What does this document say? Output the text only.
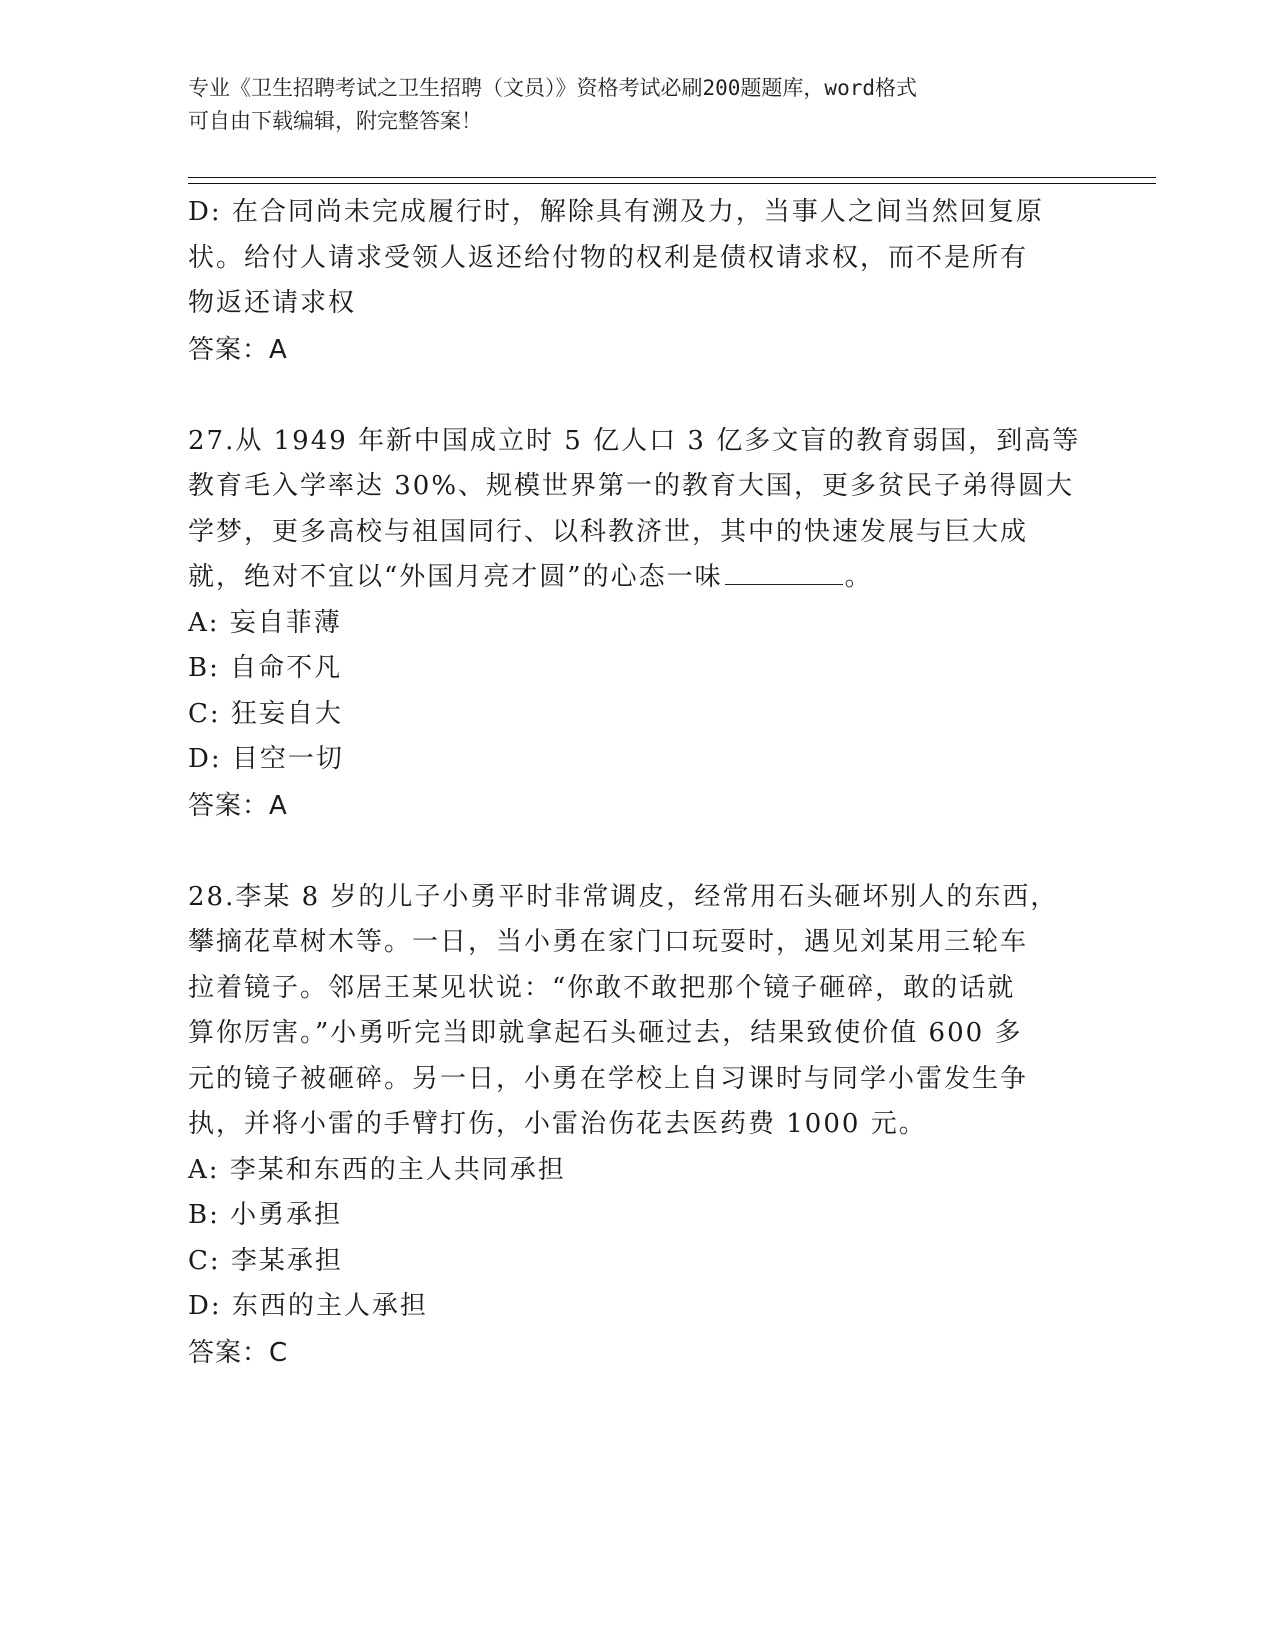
专业《卫生招聘考试之卫生招聘（文员）》资格考试必刷200题题库，word格式
可自由下载编辑，附完整答案！
D: 在合同尚未完成履行时，解除具有溯及力，当事人之间当然回复原
状。给付人请求受领人返还给付物的权利是债权请求权，而不是所有
物返还请求权
答案：A
27.从 1949 年新中国成立时 5 亿人口 3 亿多文盲的教育弱国，到高等
教育毛入学率达 30%、规模世界第一的教育大国，更多贫民子弟得圆大
学梦，更多高校与祖国同行、以科教济世，其中的快速发展与巨大成
就，绝对不宜以“外国月亮才圆”的心态一味	。
A: 妄自菲薄
B: 自命不凡
C: 狂妄自大
D: 目空一切
答案：A
28.李某 8 岁的儿子小勇平时非常调皮，经常用石头砸坏别人的东西，
攀摘花草树木等。一日，当小勇在家门口玩耍时，遇见刘某用三轮车
拉着镜子。邻居王某见状说：“你敢不敢把那个镜子砸碎，敢的话就
算你厉害。”小勇听完当即就拿起石头砸过去，结果致使价值 600 多
元的镜子被砸碎。另一日，小勇在学校上自习课时与同学小雷发生争
执，并将小雷的手臂打伤，小雷治伤花去医药费 1000 元。
A: 李某和东西的主人共同承担
B: 小勇承担
C: 李某承担
D: 东西的主人承担
答案：C
